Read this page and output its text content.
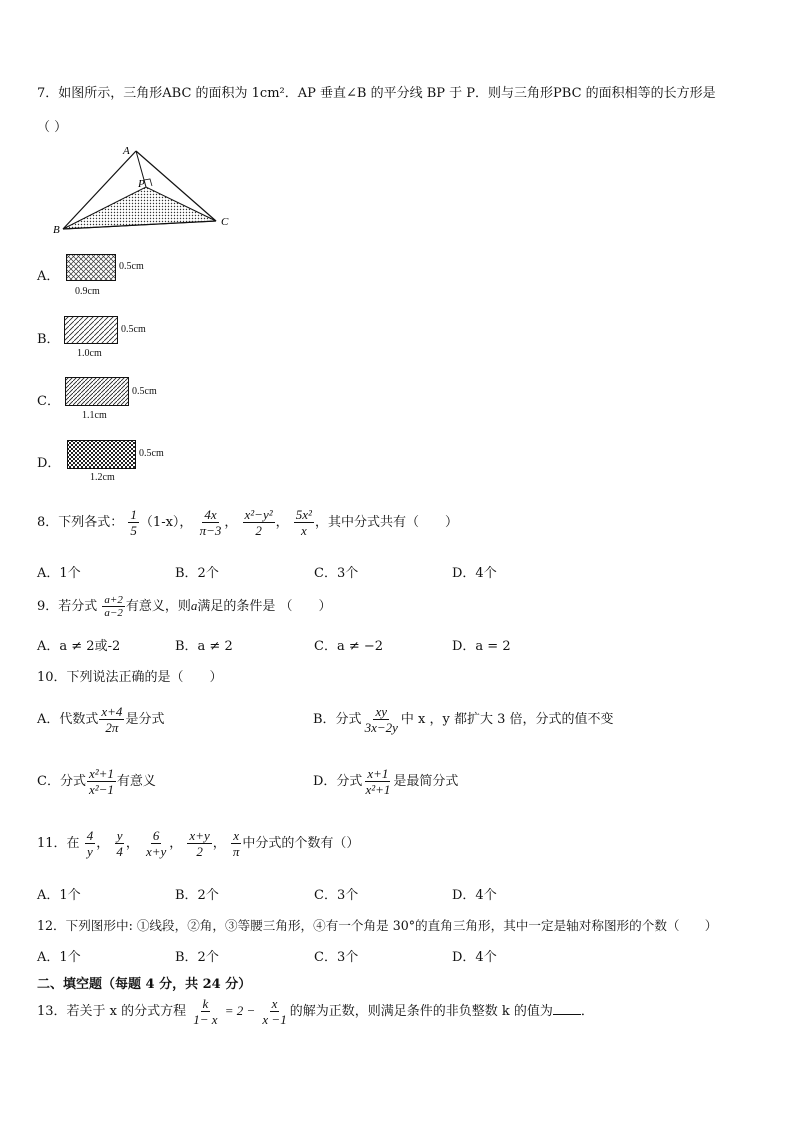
7．如图所示，三角形ABC 的面积为 1cm²．AP 垂直∠B 的平分线 BP 于 P．则与三角形PBC 的面积相等的长方形是
（ ）
A
P
B
C
A．
0.5cm
0.9cm
B．
0.5cm
1.0cm
C．
0.5cm
1.1cm
D．
0.5cm
1.2cm
8．下列各式： $\frac{1}{5} (1-x)$， $\frac{4x}{\pi-3}$ ， $\frac{\text{x²−y²}}{2}$ ， $\frac{\text{5x²}}{x}$ ，其中分式共有（　　）
A．1个	B．2个	C．3个	D．4个
9．若分式 $\frac{a+2}{a-2}$ 有意义，则a满足的条件是 （　　）
A．a ≠ 2或-2	B．a ≠ 2	C．a ≠ −2	D．a = 2
10．下列说法正确的是（　　）
A．代数式 $\frac{x+4}{2\pi}$ 是分式	B．分式 $\frac{xy}{3x-2y}$ 中 x ，y 都扩大 3 倍，分式的值不变
C．分式 $\frac{\text{x²+1}}{\text{x²−1}}$ 有意义	D．分式 $\frac{x+1}{\text{x²+1}}$ 是最简分式
11．在 $\frac{4}{y}$ ， $\frac{y}{4}$ ， $\frac{6}{x+y}$ ， $\frac{x+y}{2}$ ， $\frac{x}{\pi}$ 中分式的个数有（）
A．1个	B．2个	C．3个	D．4个
12．下列图形中: ①线段，②角，③等腰三角形，④有一个角是 30°的直角三角形，其中一定是轴对称图形的个数（　　）
A．1个	B．2个	C．3个	D．4个
二、填空题（每题 4 分，共 24 分）
13．若关于 x 的分式方程 $\frac{k}{1- x} = 2 - \frac{x}{x -1}$ 的解为正数，则满足条件的非负整数 k 的值为 ．
